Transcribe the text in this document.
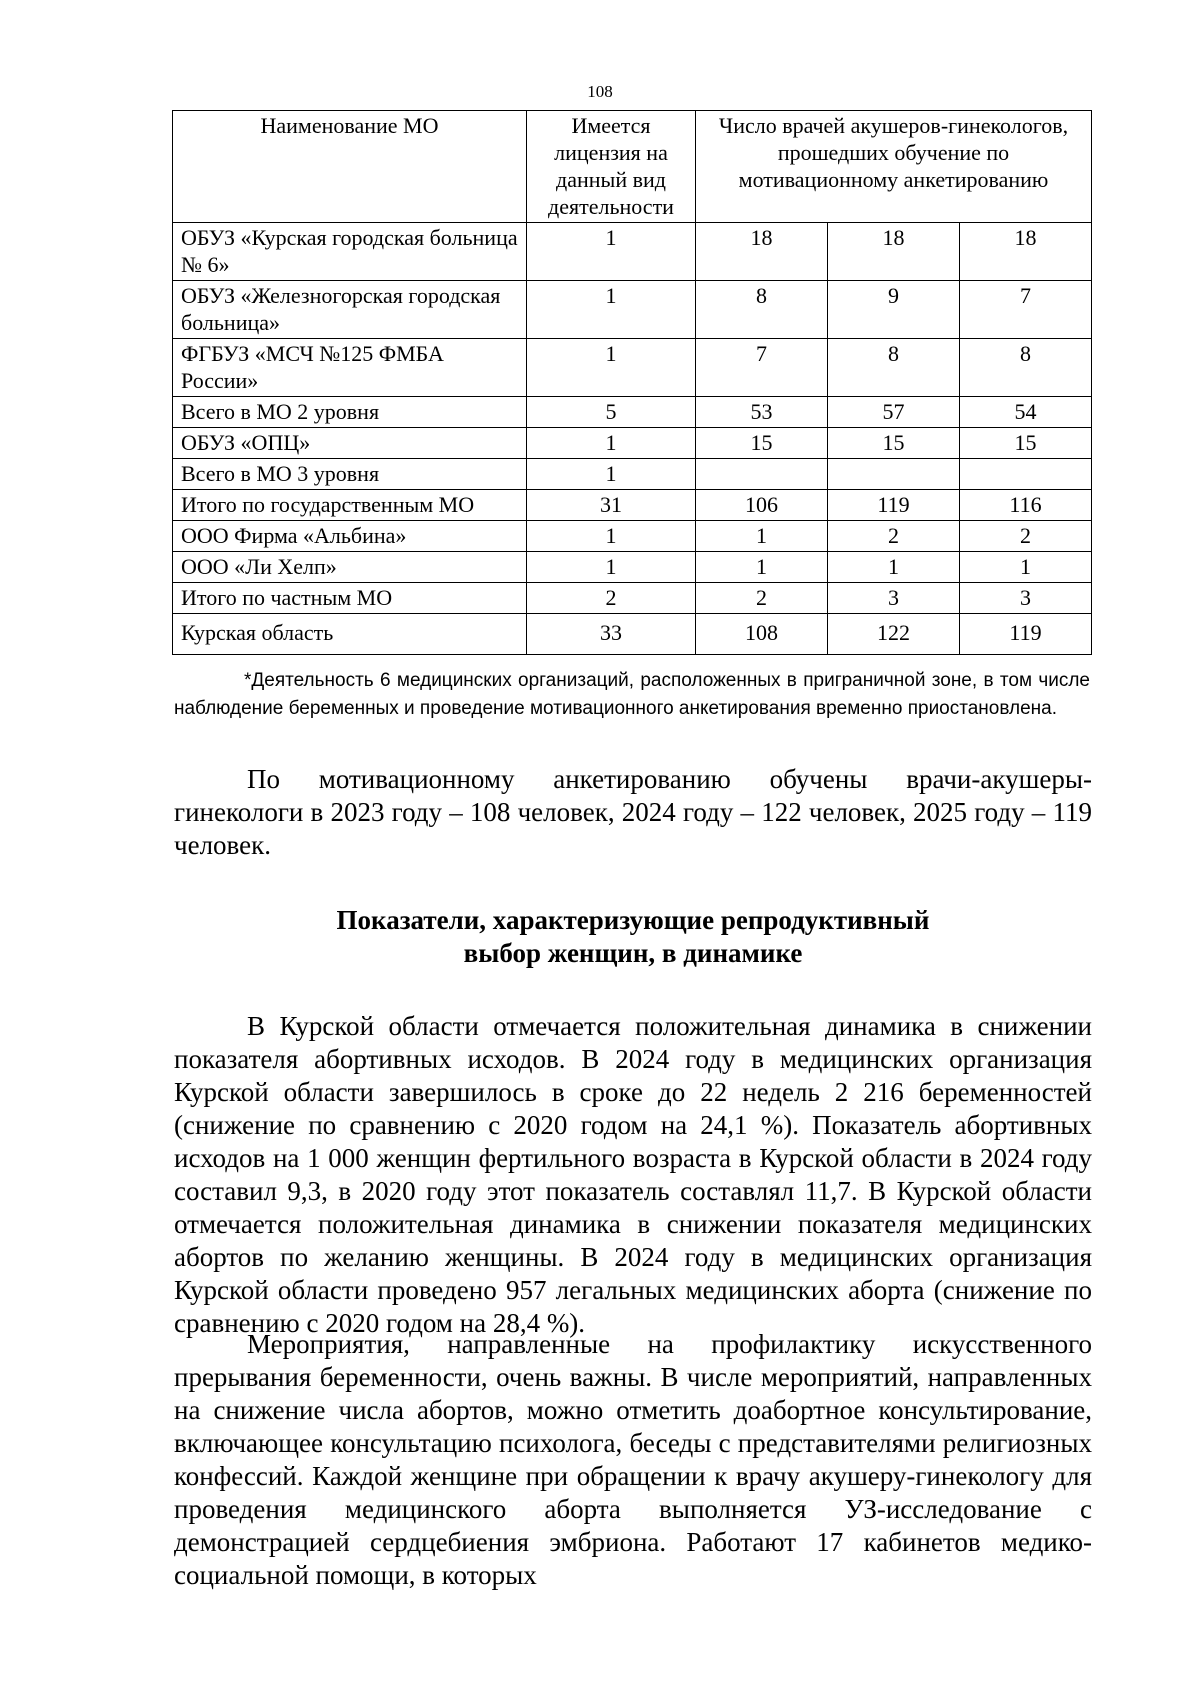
108
Наименование МО	Имеется лицензия на данный вид деятельности	Число врачей акушеров-гинекологов, прошедших обучение по мотивационному анкетированию		
ОБУЗ «Курская городская больница № 6»	1	18	18	18
ОБУЗ «Железногорская городская больница»	1	8	9	7
ФГБУЗ «МСЧ №125 ФМБА России»	1	7	8	8
Всего в МО 2 уровня	5	53	57	54
ОБУЗ «ОПЦ»	1	15	15	15
Всего в МО 3 уровня	1			
Итого по государственным МО	31	106	119	116
ООО Фирма «Альбина»	1	1	2	2
ООО «Ли Хелп»	1	1	1	1
Итого по частным МО	2	2	3	3
Курская область	33	108	122	119
*Деятельность 6 медицинских организаций, расположенных в приграничной зоне, в том числе наблюдение беременных и проведение мотивационного анкетирования временно приостановлена.
По мотивационному анкетированию обучены врачи-акушеры-гинекологи в 2023 году – 108 человек, 2024 году – 122 человек, 2025 году – 119 человек.
Показатели, характеризующие репродуктивный
выбор женщин, в динамике
В Курской области отмечается положительная динамика в снижении показателя абортивных исходов. В 2024 году в медицинских организация Курской области завершилось в сроке до 22 недель 2 216 беременностей (снижение по сравнению с 2020 годом на 24,1 %). Показатель абортивных исходов на 1 000 женщин фертильного возраста в Курской области в 2024 году составил 9,3, в 2020 году этот показатель составлял 11,7. В Курской области отмечается положительная динамика в снижении показателя медицинских абортов по желанию женщины. В 2024 году в медицинских организация Курской области проведено 957 легальных медицинских аборта (снижение по сравнению с 2020 годом на 28,4 %).
Мероприятия, направленные на профилактику искусственного прерывания беременности, очень важны. В числе мероприятий, направленных на снижение числа абортов, можно отметить доабортное консультирование, включающее консультацию психолога, беседы с представителями религиозных конфессий. Каждой женщине при обращении к врачу акушеру-гинекологу для проведения медицинского аборта выполняется УЗ-исследование с демонстрацией сердцебиения эмбриона. Работают 17 кабинетов медико-социальной помощи, в которых
